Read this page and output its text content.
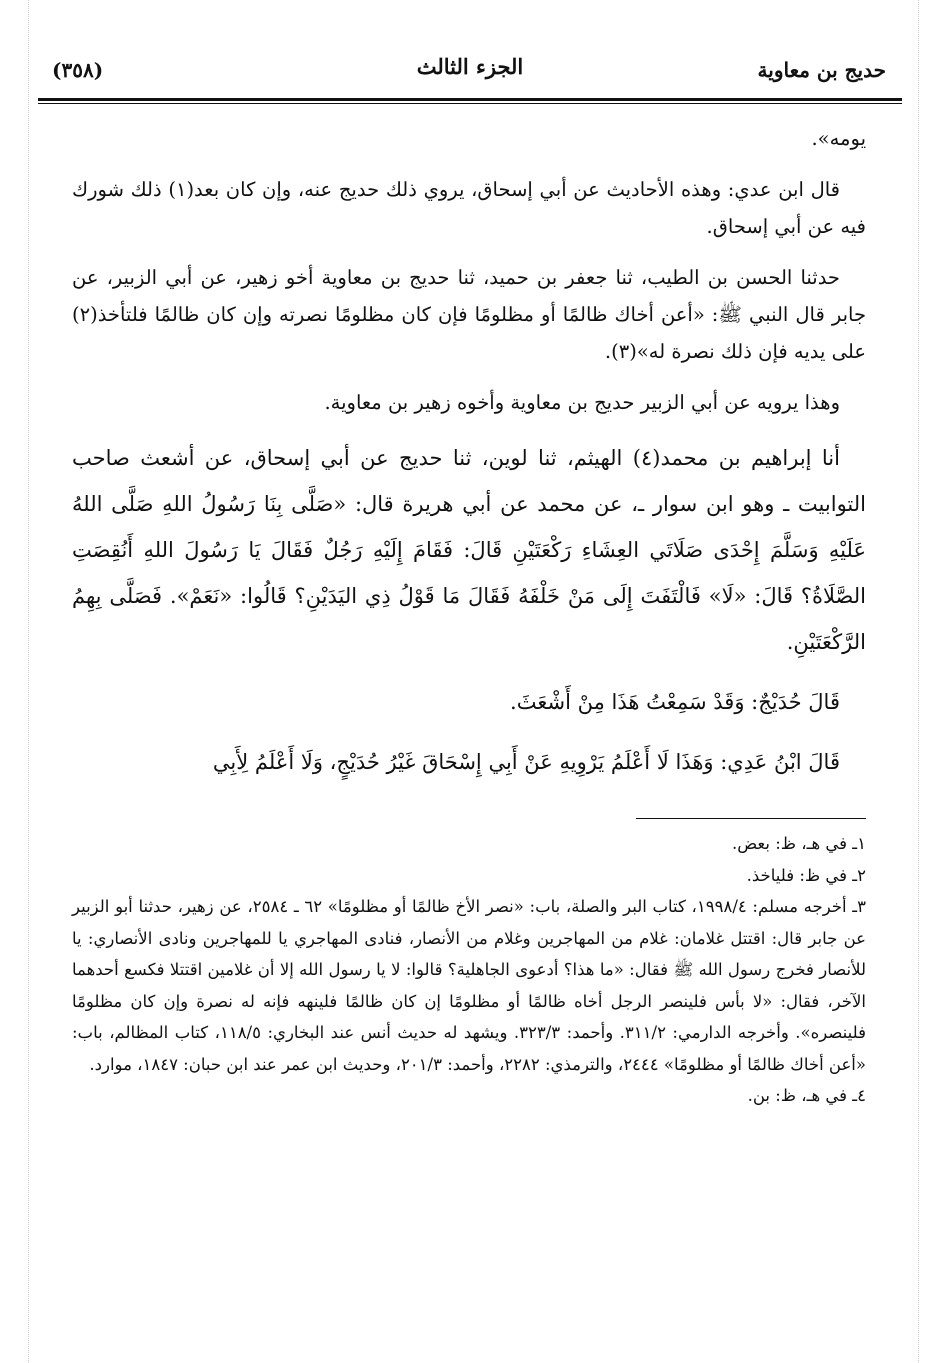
حديج بن معاوية
الجزء الثالث
(٣٥٨)

يومه».

قال ابن عدي: وهذه الأحاديث عن أبي إسحاق، يروي ذلك حديج عنه، وإن كان بعد(١) ذلك شورك فيه عن أبي إسحاق.

حدثنا الحسن بن الطيب، ثنا جعفر بن حميد، ثنا حديج بن معاوية أخو زهير، عن أبي الزبير، عن جابر قال النبي ﷺ: «أعن أخاك ظالمًا أو مظلومًا فإن كان مظلومًا نصرته وإن كان ظالمًا فلتأخذ(٢) على يديه فإن ذلك نصرة له»(٣).

وهذا يرويه عن أبي الزبير حديج بن معاوية وأخوه زهير بن معاوية.

أنا إبراهيم بن محمد(٤) الهيثم، ثنا لوين، ثنا حديج عن أبي إسحاق، عن أشعث صاحب التوابيت ـ وهو ابن سوار ـ، عن محمد عن أبي هريرة قال: «صَلَّى بِنَا رَسُولُ اللهِ صَلَّى اللهُ عَلَيْهِ وَسَلَّمَ إِحْدَى صَلَاتَي العِشَاءِ رَكْعَتَيْنِ قَالَ: فَقَامَ إِلَيْهِ رَجُلٌ فَقَالَ يَا رَسُولَ اللهِ أَنُقِصَتِ الصَّلَاةُ؟ قَالَ: «لَا» فَالْتَفَتَ إِلَى مَنْ خَلْفَهُ فَقَالَ مَا قَوْلُ ذِي اليَدَيْنِ؟ قَالُوا: «نَعَمْ». فَصَلَّى بِهِمُ الرَّكْعَتَيْنِ.

قَالَ حُدَيْجٌ: وَقَدْ سَمِعْتُ هَذَا مِنْ أَشْعَثَ.

قَالَ ابْنُ عَدِي: وَهَذَا لَا أَعْلَمُ يَرْوِيهِ عَنْ أَبِي إِسْحَاقَ غَيْرُ حُدَيْجٍ، وَلَا أَعْلَمُ لِأَبِي

١ـ في هـ، ظ: بعض.

٢ـ في ظ: فلياخذ.

٣ـ أخرجه مسلم: ١٩٩٨/٤، كتاب البر والصلة، باب: «نصر الأخ ظالمًا أو مظلومًا» ٦٢ ـ ٢٥٨٤، عن زهير، حدثنا أبو الزبير عن جابر قال: اقتتل غلامان: غلام من المهاجرين وغلام من الأنصار، فنادى المهاجري يا للمهاجرين ونادى الأنصاري: يا للأنصار فخرج رسول الله ﷺ فقال: «ما هذا؟ أدعوى الجاهلية؟ قالوا: لا يا رسول الله إلا أن غلامين اقتتلا فكسع أحدهما الآخر، فقال: «لا بأس فلينصر الرجل أخاه ظالمًا أو مظلومًا إن كان ظالمًا فلينهه فإنه له نصرة وإن كان مظلومًا فلينصره». وأخرجه الدارمي: ٣١١/٢. وأحمد: ٣٢٣/٣. ويشهد له حديث أنس عند البخاري: ١١٨/٥، كتاب المظالم، باب: «أعن أخاك ظالمًا أو مظلومًا» ٢٤٤٤، والترمذي: ٢٢٨٢، وأحمد: ٢٠١/٣، وحديث ابن عمر عند ابن حبان: ١٨٤٧، موارد.

٤ـ في هـ، ظ: بن.
